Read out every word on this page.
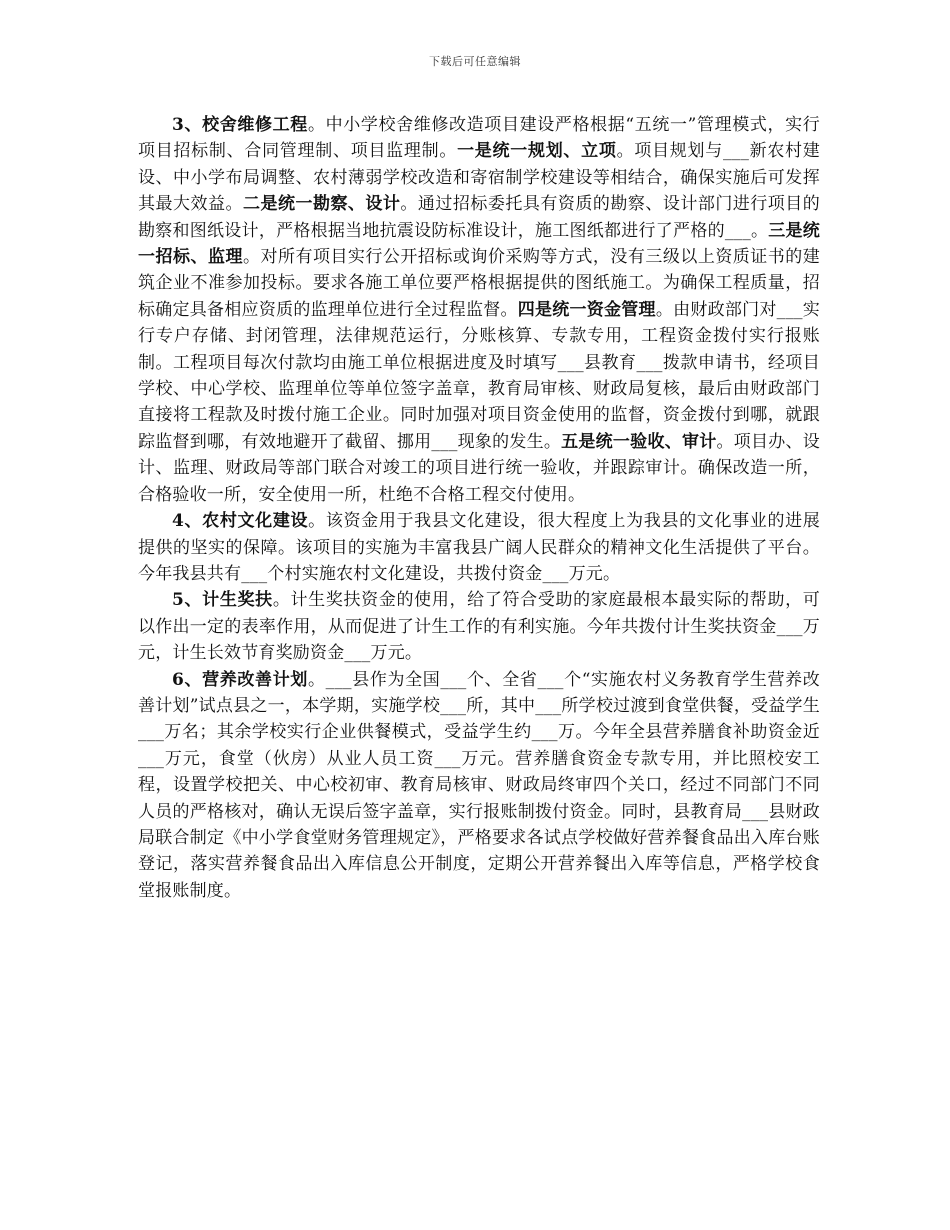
下载后可任意编辑

3、校舍维修工程。中小学校舍维修改造项目建设严格根据“五统一”管理模式，实行项目招标制、合同管理制、项目监理制。一是统一规划、立项。项目规划与___新农村建设、中小学布局调整、农村薄弱学校改造和寄宿制学校建设等相结合，确保实施后可发挥其最大效益。二是统一勘察、设计。通过招标委托具有资质的勘察、设计部门进行项目的勘察和图纸设计，严格根据当地抗震设防标准设计，施工图纸都进行了严格的___。三是统一招标、监理。对所有项目实行公开招标或询价采购等方式，没有三级以上资质证书的建筑企业不准参加投标。要求各施工单位要严格根据提供的图纸施工。为确保工程质量，招标确定具备相应资质的监理单位进行全过程监督。四是统一资金管理。由财政部门对___实行专户存储、封闭管理，法律规范运行，分账核算、专款专用，工程资金拨付实行报账制。工程项目每次付款均由施工单位根据进度及时填写___县教育___拨款申请书，经项目学校、中心学校、监理单位等单位签字盖章，教育局审核、财政局复核，最后由财政部门直接将工程款及时拨付施工企业。同时加强对项目资金使用的监督，资金拨付到哪，就跟踪监督到哪，有效地避开了截留、挪用___现象的发生。五是统一验收、审计。项目办、设计、监理、财政局等部门联合对竣工的项目进行统一验收，并跟踪审计。确保改造一所，合格验收一所，安全使用一所，杜绝不合格工程交付使用。

4、农村文化建设。该资金用于我县文化建设，很大程度上为我县的文化事业的进展提供的坚实的保障。该项目的实施为丰富我县广阔人民群众的精神文化生活提供了平台。今年我县共有___个村实施农村文化建设，共拨付资金___万元。

5、计生奖扶。计生奖扶资金的使用，给了符合受助的家庭最根本最实际的帮助，可以作出一定的表率作用，从而促进了计生工作的有利实施。今年共拨付计生奖扶资金___万元，计生长效节育奖励资金___万元。

6、营养改善计划。___县作为全国___个、全省___个“实施农村义务教育学生营养改善计划”试点县之一，本学期，实施学校___所，其中___所学校过渡到食堂供餐，受益学生___万名；其余学校实行企业供餐模式，受益学生约___万。今年全县营养膳食补助资金近___万元，食堂（伙房）从业人员工资___万元。营养膳食资金专款专用，并比照校安工程，设置学校把关、中心校初审、教育局核审、财政局终审四个关口，经过不同部门不同人员的严格核对，确认无误后签字盖章，实行报账制拨付资金。同时，县教育局___县财政局联合制定《中小学食堂财务管理规定》，严格要求各试点学校做好营养餐食品出入库台账登记，落实营养餐食品出入库信息公开制度，定期公开营养餐出入库等信息，严格学校食堂报账制度。
